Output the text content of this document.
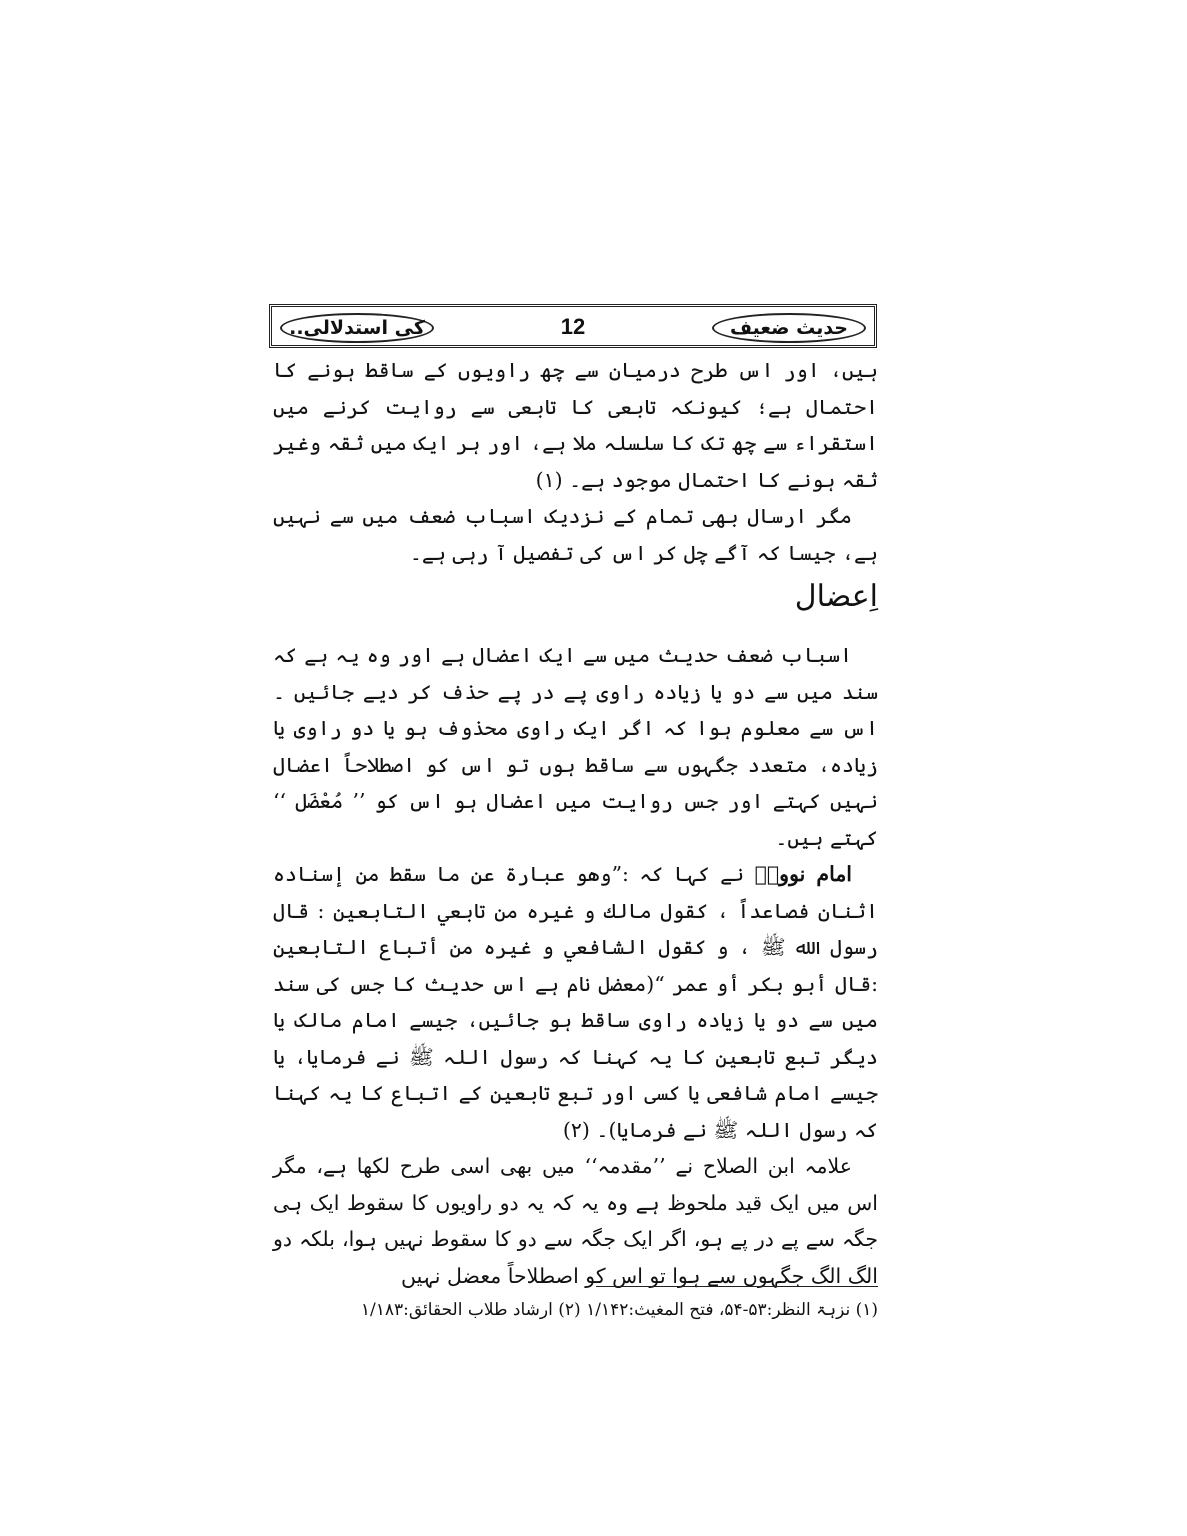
حدیث ضعیف
12
کی استدلالی..

ہیں، اور اس طرح درمیان سے چھ راویوں کے ساقط ہونے کا احتمال ہے؛ کیونکہ تابعی کا تابعی سے روایت کرنے میں استقراء سے چھ تک کا سلسلہ ملا ہے، اور ہر ایک میں ثقہ وغیر ثقہ ہونے کا احتمال موجود ہے۔ (۱)

مگر ارسال بھی تمام کے نزدیک اسباب ضعف میں سے نہیں ہے، جیسا کہ آگے چل کر اس کی تفصیل آ رہی ہے۔

اِعضال

اسباب ضعف حدیث میں سے ایک اعضال ہے اور وہ یہ ہے کہ سند میں سے دو یا زیادہ راوی پے در پے حذف کر دیے جائیں ۔ اس سے معلوم ہوا کہ اگر ایک راوی محذوف ہو یا دو راوی یا زیادہ، متعدد جگہوں سے ساقط ہوں تو اس کو اصطلاحاً اعضال نہیں کہتے اور جس روایت میں اعضال ہو اس کو ’’ مُعْضَل ‘‘ کہتے ہیں۔

امام نوویؒ نے کہا کہ :”وھو عبارة عن ما سقط من إسناده اثنان فصاعداً ، كقول مالك و غيره من تابعي التابعين : قال رسول الله ﷺ ، و كقول الشافعي و غيره من أتباع التابعين :قال أبو بكر أو عمر “(معضل نام ہے اس حدیث کا جس کی سند میں سے دو یا زیادہ راوی ساقط ہو جائیں، جیسے امام مالک یا دیگر تبع تابعین کا یہ کہنا کہ رسول اللہ ﷺ نے فرمایا، یا جیسے امام شافعی یا کسی اور تبع تابعین کے اتباع کا یہ کہنا کہ رسول اللہ ﷺ نے فرمایا)۔ (۲)

علامہ ابن الصلاح نے ’’مقدمہ‘‘ میں بھی اسی طرح لکھا ہے، مگر اس میں ایک قید ملحوظ ہے وہ یہ کہ یہ دو راویوں کا سقوط ایک ہی جگہ سے پے در پے ہو، اگر ایک جگہ سے دو کا سقوط نہیں ہوا، بلکہ دو الگ الگ جگہوں سے ہوا تو اس کو اصطلاحاً معضل نہیں

(۱) نزہۃ النظر:۵۳-۵۴، فتح المغیث:۱/۱۴۲ (۲) ارشاد طلاب الحقائق:۱/۱۸۳
